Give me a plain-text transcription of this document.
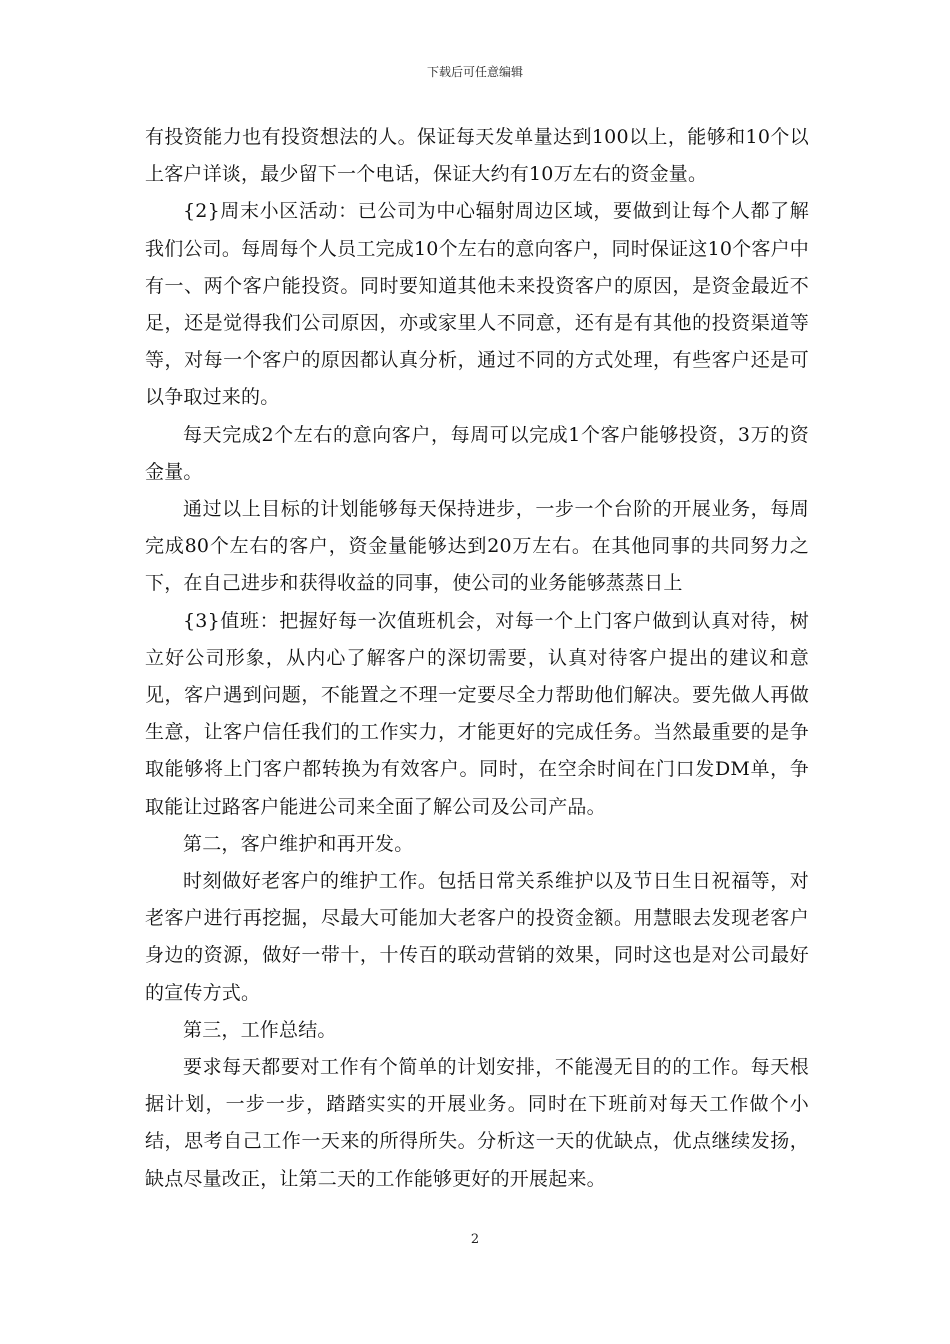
下载后可任意编辑

有投资能力也有投资想法的人。保证每天发单量达到100以上，能够和10个以上客户详谈，最少留下一个电话，保证大约有10万左右的资金量。

{2}周末小区活动：已公司为中心辐射周边区域，要做到让每个人都了解我们公司。每周每个人员工完成10个左右的意向客户，同时保证这10个客户中有一、两个客户能投资。同时要知道其他未来投资客户的原因，是资金最近不足，还是觉得我们公司原因，亦或家里人不同意，还有是有其他的投资渠道等等，对每一个客户的原因都认真分析，通过不同的方式处理，有些客户还是可以争取过来的。

每天完成2个左右的意向客户，每周可以完成1个客户能够投资，3万的资金量。

通过以上目标的计划能够每天保持进步，一步一个台阶的开展业务，每周完成80个左右的客户，资金量能够达到20万左右。在其他同事的共同努力之下，在自己进步和获得收益的同事，使公司的业务能够蒸蒸日上

{3}值班：把握好每一次值班机会，对每一个上门客户做到认真对待，树立好公司形象，从内心了解客户的深切需要，认真对待客户提出的建议和意见，客户遇到问题，不能置之不理一定要尽全力帮助他们解决。要先做人再做生意，让客户信任我们的工作实力，才能更好的完成任务。当然最重要的是争取能够将上门客户都转换为有效客户。同时，在空余时间在门口发DM单，争取能让过路客户能进公司来全面了解公司及公司产品。

第二，客户维护和再开发。

时刻做好老客户的维护工作。包括日常关系维护以及节日生日祝福等，对老客户进行再挖掘，尽最大可能加大老客户的投资金额。用慧眼去发现老客户身边的资源，做好一带十，十传百的联动营销的效果，同时这也是对公司最好的宣传方式。

第三，工作总结。

要求每天都要对工作有个简单的计划安排，不能漫无目的的工作。每天根据计划，一步一步，踏踏实实的开展业务。同时在下班前对每天工作做个小结，思考自己工作一天来的所得所失。分析这一天的优缺点，优点继续发扬，缺点尽量改正，让第二天的工作能够更好的开展起来。

2
